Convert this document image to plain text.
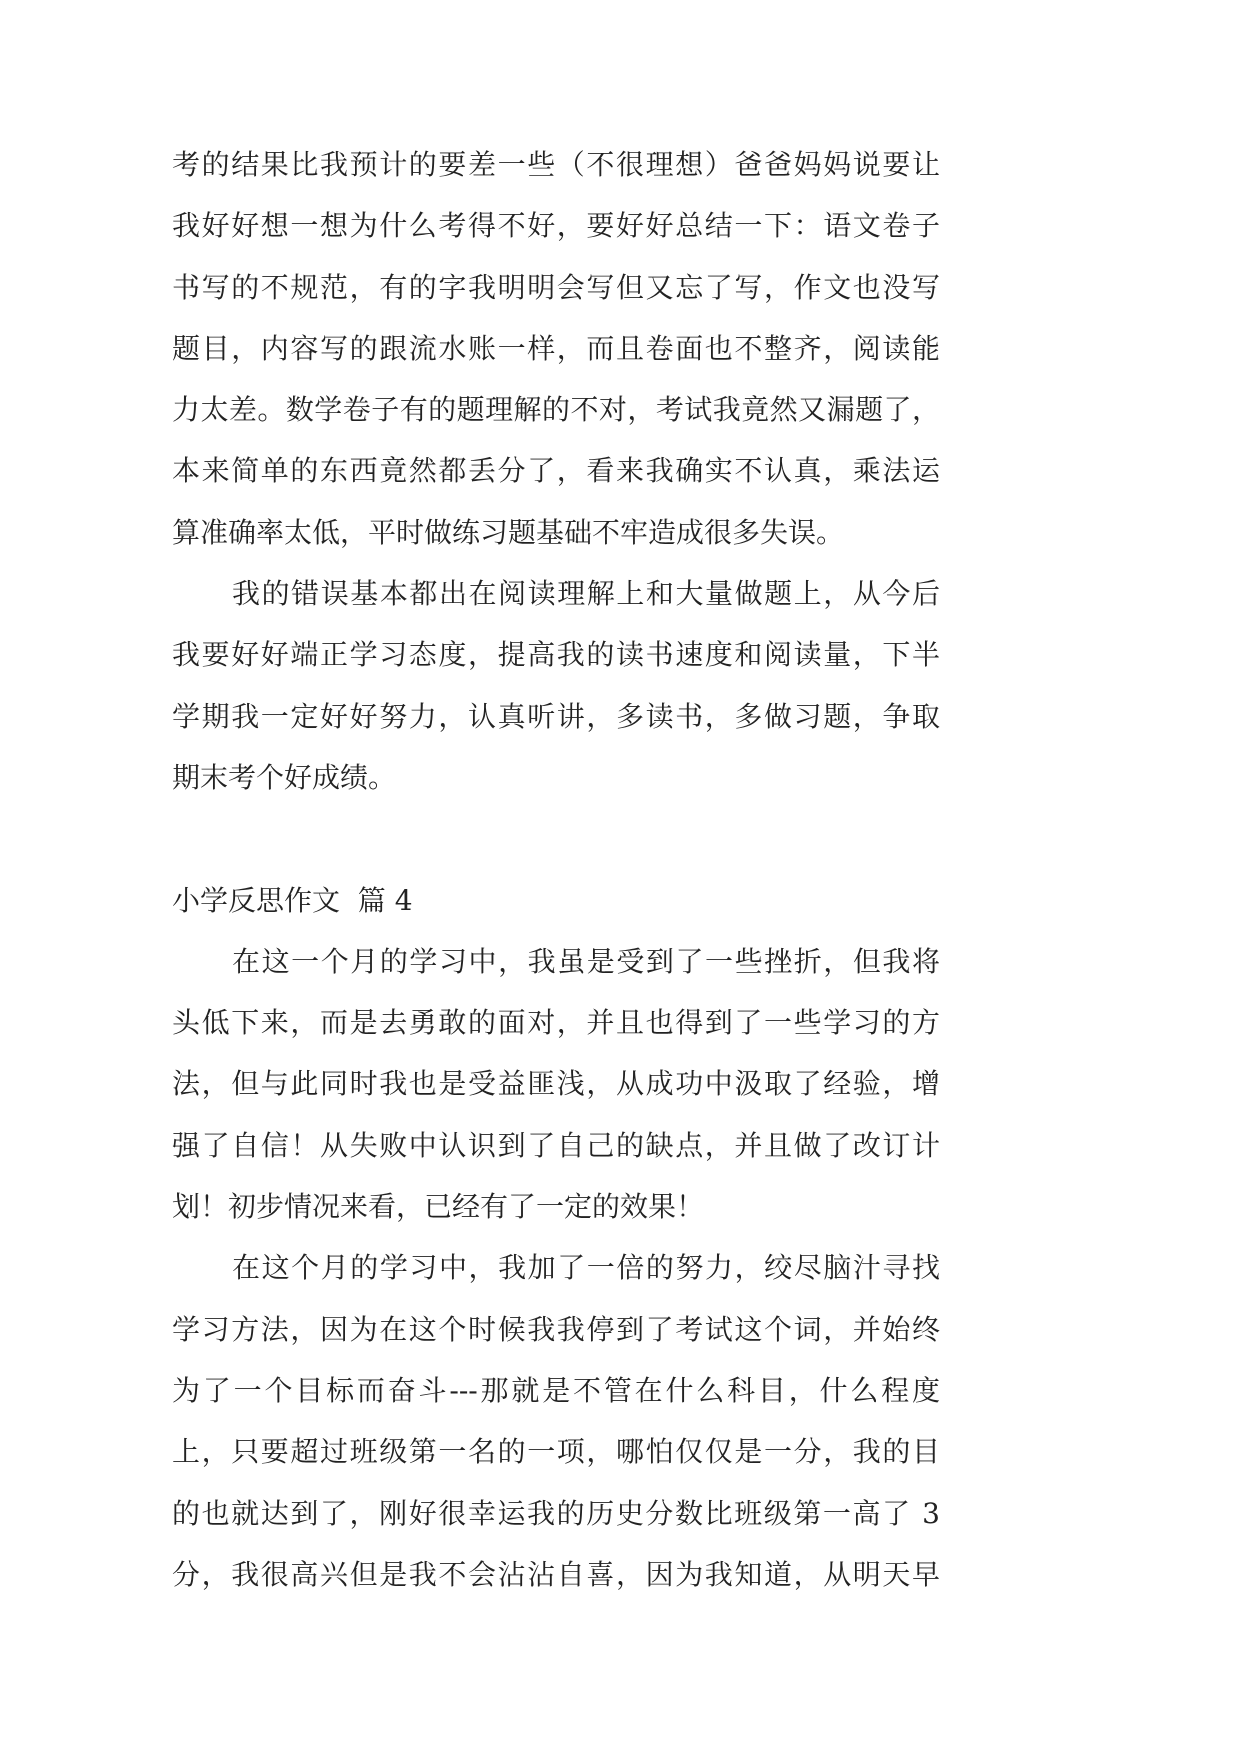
考的结果比我预计的要差一些（不很理想）爸爸妈妈说要让
我好好想一想为什么考得不好，要好好总结一下：语文卷子
书写的不规范，有的字我明明会写但又忘了写，作文也没写
题目，内容写的跟流水账一样，而且卷面也不整齐，阅读能
力太差。数学卷子有的题理解的不对，考试我竟然又漏题了，
本来简单的东西竟然都丢分了，看来我确实不认真，乘法运
算准确率太低，平时做练习题基础不牢造成很多失误。
我的错误基本都出在阅读理解上和大量做题上，从今后
我要好好端正学习态度，提高我的读书速度和阅读量，下半
学期我一定好好努力，认真听讲，多读书，多做习题，争取
期末考个好成绩。
小学反思作文  篇 4
在这一个月的学习中，我虽是受到了一些挫折，但我将
头低下来，而是去勇敢的面对，并且也得到了一些学习的方
法，但与此同时我也是受益匪浅，从成功中汲取了经验，增
强了自信！从失败中认识到了自己的缺点，并且做了改订计
划！初步情况来看，已经有了一定的效果！
在这个月的学习中，我加了一倍的努力，绞尽脑汁寻找
学习方法，因为在这个时候我我停到了考试这个词，并始终
为了一个目标而奋斗---那就是不管在什么科目，什么程度
上，只要超过班级第一名的一项，哪怕仅仅是一分，我的目
的也就达到了，刚好很幸运我的历史分数比班级第一高了 3
分，我很高兴但是我不会沾沾自喜，因为我知道，从明天早
